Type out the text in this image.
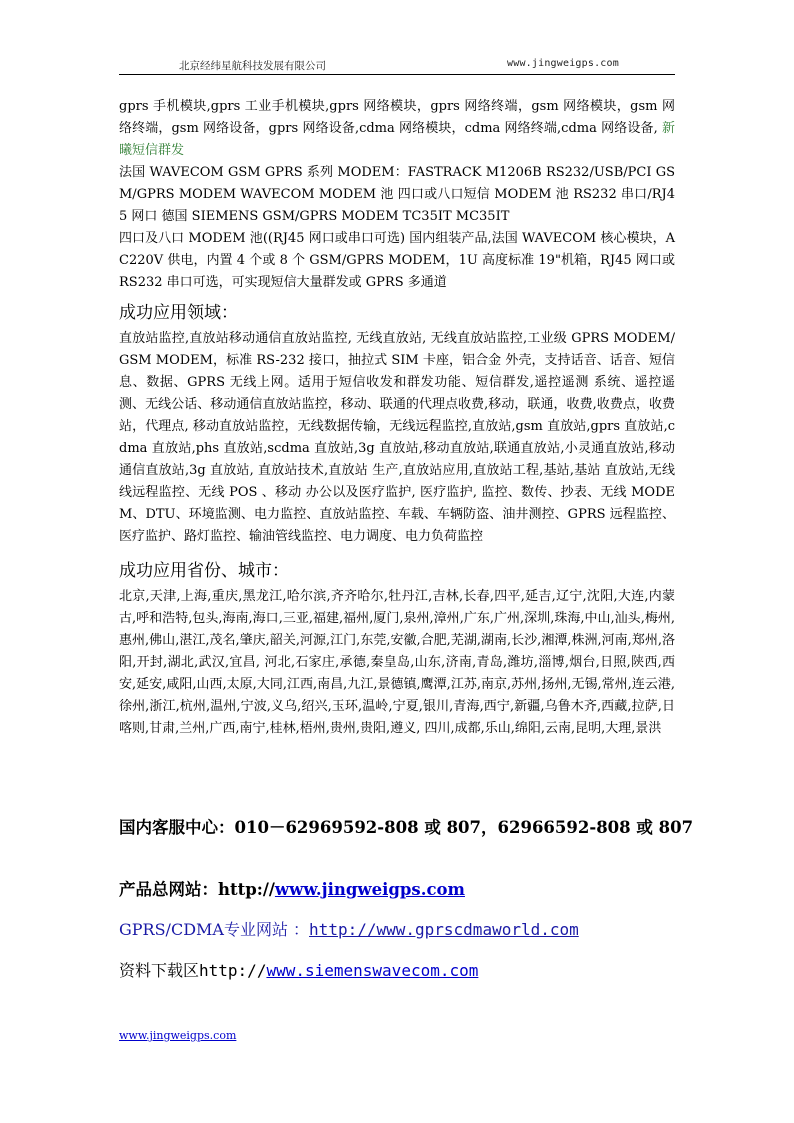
北京经纬星航科技发展有限公司	www.jingweigps.com

gprs 手机模块,gprs 工业手机模块,gprs 网络模块，gprs 网络终端，gsm 网络模块，gsm 网络终端，gsm 网络设备，gprs 网络设备,cdma 网络模块，cdma 网络终端,cdma 网络设备, 新曦短信群发

法国 WAVECOM GSM GPRS 系列 MODEM：FASTRACK M1206B RS232/USB/PCI GSM/GPRS MODEM WAVECOM MODEM 池 四口或八口短信 MODEM 池 RS232 串口/RJ45 网口 德国 SIEMENS GSM/GPRS MODEM TC35IT MC35IT

四口及八口 MODEM 池((RJ45 网口或串口可选) 国内组装产品,法国 WAVECOM 核心模块，AC220V 供电，内置 4 个或 8 个 GSM/GPRS MODEM，1U 高度标准 19"机箱，RJ45 网口或 RS232 串口可选，可实现短信大量群发或 GPRS 多通道

成功应用领域：

直放站监控,直放站移动通信直放站监控, 无线直放站, 无线直放站监控,工业级 GPRS MODEM/GSM MODEM，标准 RS-232 接口，抽拉式 SIM 卡座，铝合金 外壳，支持话音、话音、短信息、数据、GPRS 无线上网。适用于短信收发和群发功能、短信群发,遥控遥测 系统、遥控遥测、无线公话、移动通信直放站监控，移动、联通的代理点收费,移动，联通，收费,收费点，收费站，代理点, 移动直放站监控，无线数据传输，无线远程监控,直放站,gsm 直放站,gprs 直放站,cdma 直放站,phs 直放站,scdma 直放站,3g 直放站,移动直放站,联通直放站,小灵通直放站,移动通信直放站,3g 直放站, 直放站技术,直放站 生产,直放站应用,直放站工程,基站,基站 直放站,无线线远程监控、无线 POS 、移动 办公以及医疗监护, 医疗监护, 监控、数传、抄表、无线 MODEM、DTU、环境监测、电力监控、直放站监控、车载、车辆防盗、油井测控、GPRS 远程监控、医疗监护、路灯监控、输油管线监控、电力调度、电力负荷监控

成功应用省份、城市：

北京,天津,上海,重庆,黑龙江,哈尔滨,齐齐哈尔,牡丹江,吉林,长春,四平,延吉,辽宁,沈阳,大连,内蒙古,呼和浩特,包头,海南,海口,三亚,福建,福州,厦门,泉州,漳州,广东,广州,深圳,珠海,中山,汕头,梅州,惠州,佛山,湛江,茂名,肇庆,韶关,河源,江门,东莞,安徽,合肥,芜湖,湖南,长沙,湘潭,株洲,河南,郑州,洛阳,开封,湖北,武汉,宜昌, 河北,石家庄,承德,秦皇岛,山东,济南,青岛,潍坊,淄博,烟台,日照,陕西,西安,延安,咸阳,山西,太原,大同,江西,南昌,九江,景德镇,鹰潭,江苏,南京,苏州,扬州,无锡,常州,连云港,徐州,浙江,杭州,温州,宁波,义乌,绍兴,玉环,温岭,宁夏,银川,青海,西宁,新疆,乌鲁木齐,西藏,拉萨,日喀则,甘肃,兰州,广西,南宁,桂林,梧州,贵州,贵阳,遵义, 四川,成都,乐山,绵阳,云南,昆明,大理,景洪

国内客服中心：010－62969592-808 或 807，62966592-808 或 807
产品总网站：http://www.jingweigps.com
GPRS/CDMA专业网站 ：http://www.gprscdmaworld.com
资料下载区http://www.siemenswavecom.com
www.jingweigps.com
